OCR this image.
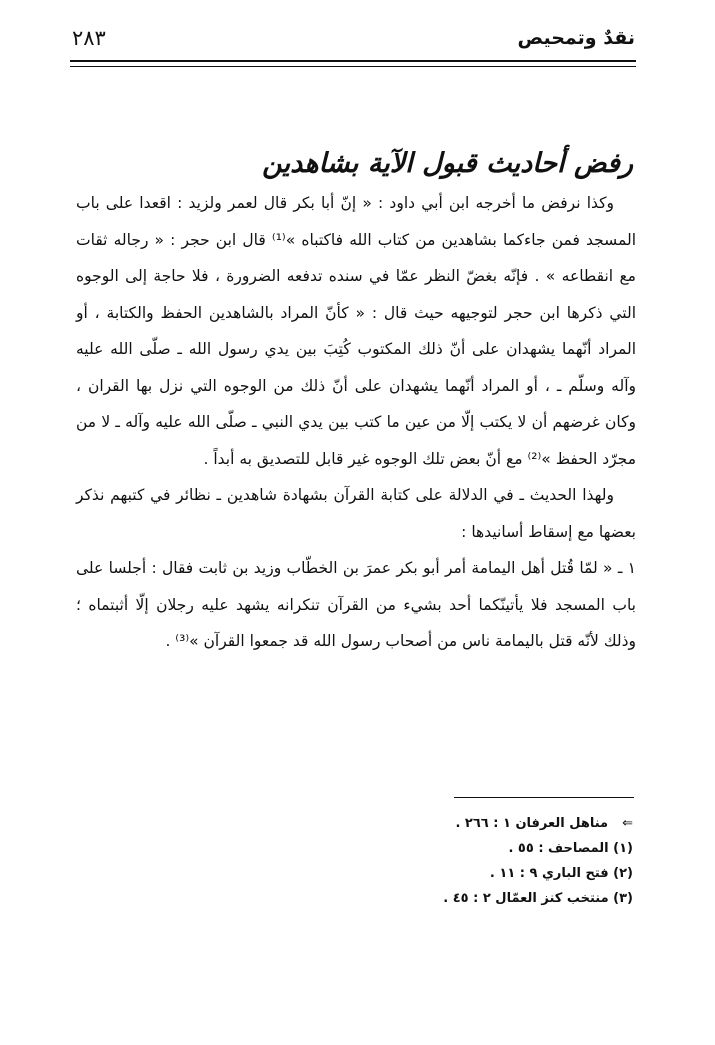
نقدٌ وتمحيص
٢٨٣
رفض أحاديث قبول الآية بشاهدين

وكذا نرفض ما أخرجه ابن أبي داود : « إنّ أبا بكر قال لعمر ولزيد : اقعدا على باب المسجد فمن جاءكما بشاهدين من كتاب الله فاكتباه »⁽¹⁾ قال ابن حجر : « رجاله ثقات مع انقطاعه » . فإنّه بغضّ النظر عمّا في سنده تدفعه الضرورة ، فلا حاجة إلى الوجوه التي ذكرها ابن حجر لتوجيهه حيث قال : « كأنّ المراد بالشاهدين الحفظ والكتابة ، أو المراد أنّهما يشهدان على أنّ ذلك المكتوب كُتِبَ بين يدي رسول الله ـ صلّى الله عليه وآله وسلّم ـ ، أو المراد أنّهما يشهدان على أنّ ذلك من الوجوه التي نزل بها القران ، وكان غرضهم أن لا يكتب إلّا من عين ما كتب بين يدي النبي ـ صلّى الله عليه وآله ـ لا من مجرّد الحفظ »⁽²⁾ مع أنّ بعض تلك الوجوه غير قابل للتصديق به أبداً .

ولهذا الحديث ـ في الدلالة على كتابة القرآن بشهادة شاهدين ـ نظائر في كتبهم نذكر بعضها مع إسقاط أسانيدها :

١ ـ « لمّا قُتل أهل اليمامة أمر أبو بكر عمرَ بن الخطّاب وزيد بن ثابت فقال : أجلسا على باب المسجد فلا يأتينّكما أحد بشيء من القرآن تنكرانه يشهد عليه رجلان إلّا أثبتماه ؛ وذلك لأنّه قتل باليمامة ناس من أصحاب رسول الله قد جمعوا القرآن »⁽³⁾ .

⇐مناهل العرفان ١ : ٢٦٦ .

(١) المصاحف : ٥٥ .

(٢) فتح الباري ٩ : ١١ .

(٣) منتخب كنز العمّال ٢ : ٤٥ .
